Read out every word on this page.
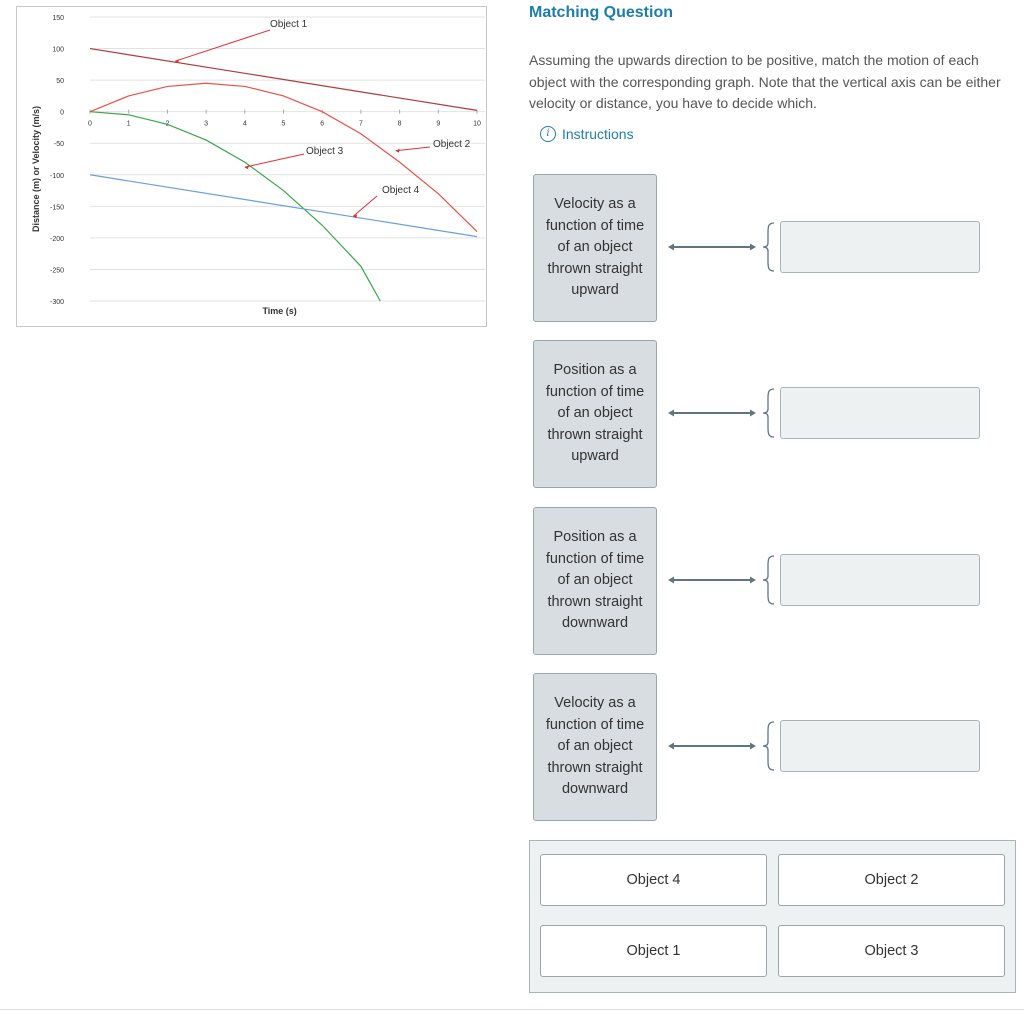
150
100
50
0
-50
-100
-150
-200
-250
-300
0	1	2	3	4	5	6	7	8	9	10
Time (s)
Distance (m) or Velocity (m/s)
Object 1
Object 2
Object 3
Object 4
Matching Question
Assuming the upwards direction to be positive, match the motion of each object with the corresponding graph. Note that the vertical axis can be either velocity or distance, you have to decide which.
i Instructions
Velocity as a function of time of an object thrown straight upward
Position as a function of time of an object thrown straight upward
Position as a function of time of an object thrown straight downward
Velocity as a function of time of an object thrown straight downward
Object 4	Object 2
Object 1	Object 3
